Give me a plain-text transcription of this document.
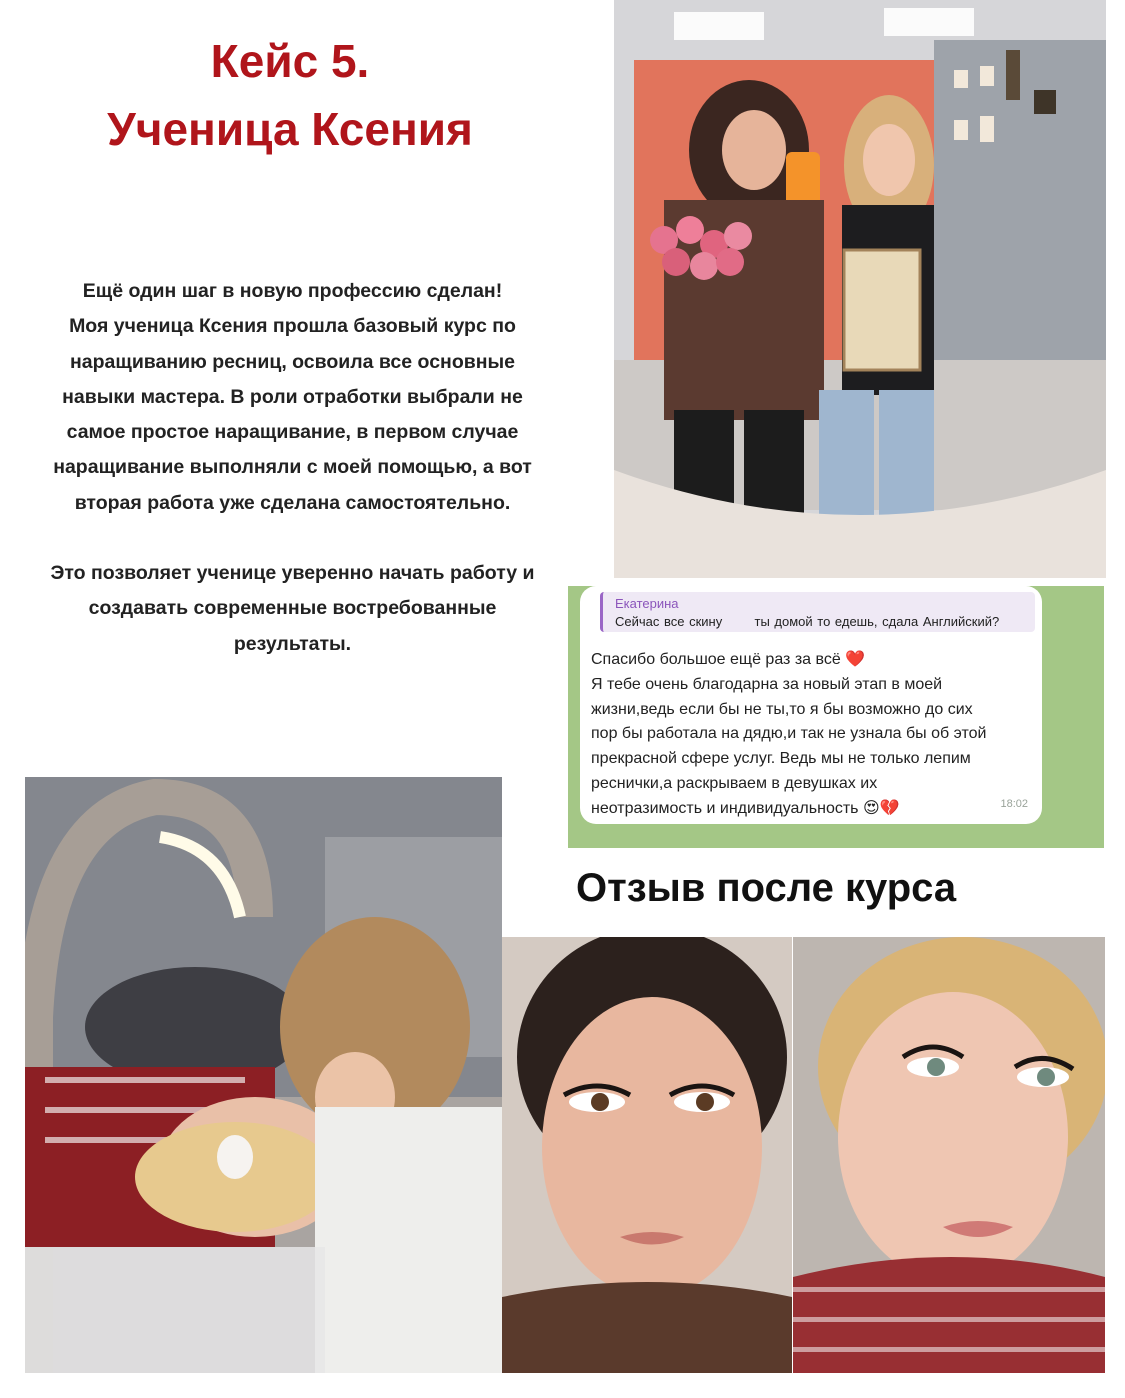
Кейс 5.
Ученица Ксения
Ещё один шаг в новую профессию сделан!
Моя ученица Ксения прошла базовый курс по
наращиванию ресниц, освоила все основные
навыки мастера. В роли отработки выбрали не
самое простое наращивание, в первом случае
наращивание выполняли с моей помощью, а вот
вторая работа уже сделана самостоятельно.
Это позволяет ученице уверенно начать работу и
создавать современные востребованные
результаты.
Екатерина
Сейчас все скину       ты домой то едешь, сдала Английский?
Спасибо большое ещё раз за всё ❤️
Я тебе очень благодарна за новый этап в моей
жизни,ведь если бы не ты,то я бы возможно до сих
пор бы работала на дядю,и так не узнала бы об этой
прекрасной сфере услуг. Ведь мы не только лепим
реснички,а раскрываем в девушках их
неотразимость и индивидуальность 😍💔	18:02
Отзыв после курса
